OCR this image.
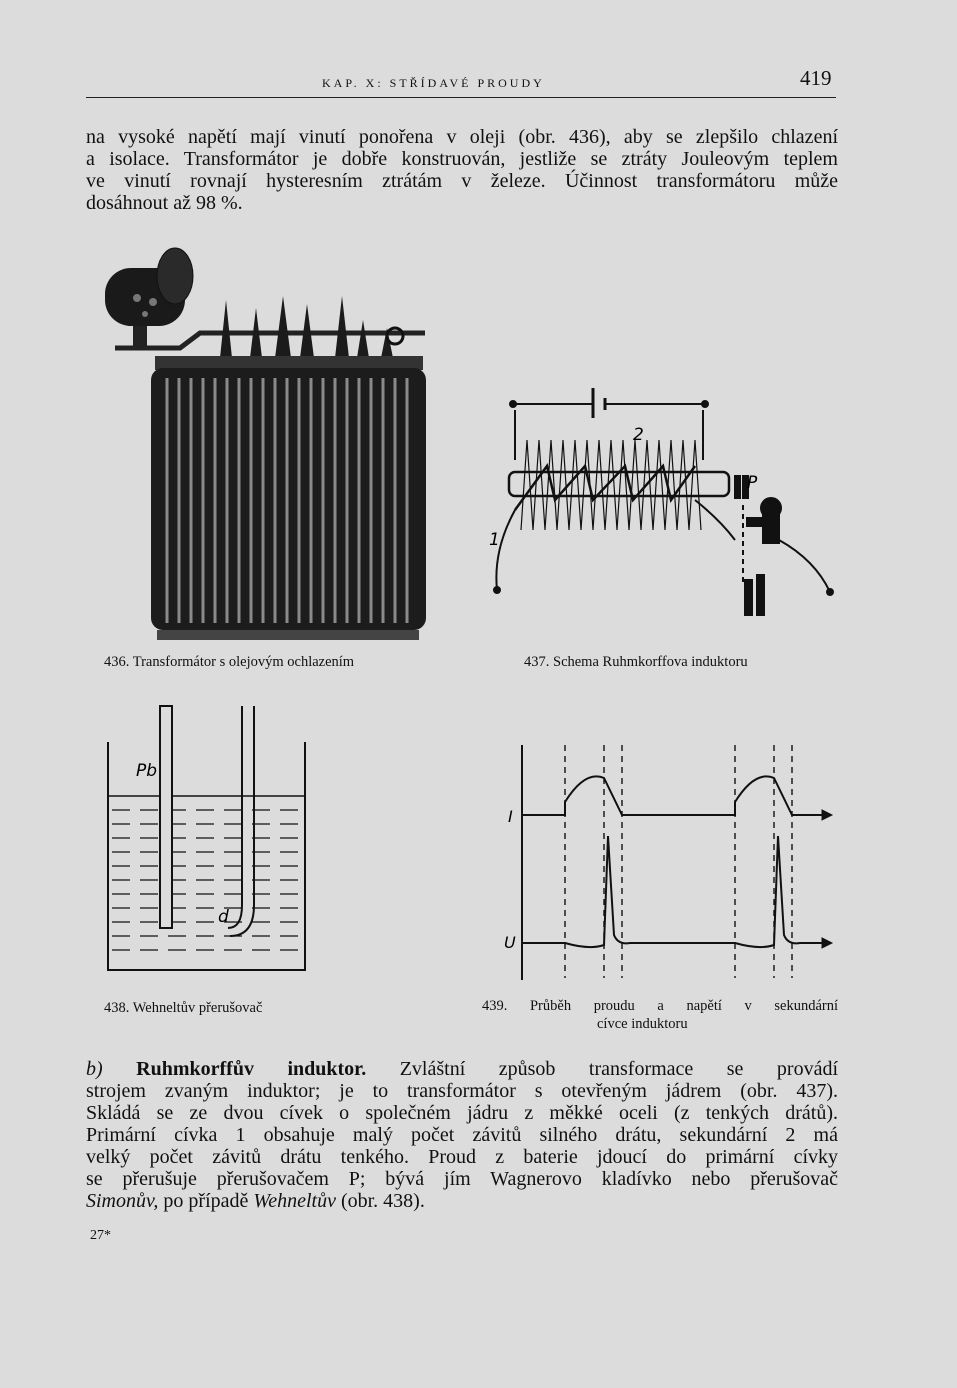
KAP. X: STŘÍDAVÉ PROUDY	419
na vysoké napětí mají vinutí ponořena v oleji (obr. 436), aby se zlepšilo chlazení
a isolace. Transformátor je dobře konstruován, jestliže se ztráty Jouleovým teplem
ve vinutí rovnají hysteresním ztrátám v železe. Účinnost transformátoru může
dosáhnout až 98 %.
1
2
P
436. Transformátor s olejovým ochlazením	437. Schema Ruhmkorffova induktoru
Pb
d
I
U
438. Wehneltův přerušovač	439. Průběh proudu a napětí v sekundární
cívce induktoru
b) Ruhmkorffův induktor. Zvláštní způsob transformace se provádí
strojem zvaným induktor; je to transformátor s otevřeným jádrem (obr. 437).
Skládá se ze dvou cívek o společném jádru z měkké oceli (z tenkých drátů).
Primární cívka 1 obsahuje malý počet závitů silného drátu, sekundární 2 má
velký počet závitů drátu tenkého. Proud z baterie jdoucí do primární cívky
se přerušuje přerušovačem P; bývá jím Wagnerovo kladívko nebo přerušovač
Simonův, po případě Wehneltův (obr. 438).
27*
